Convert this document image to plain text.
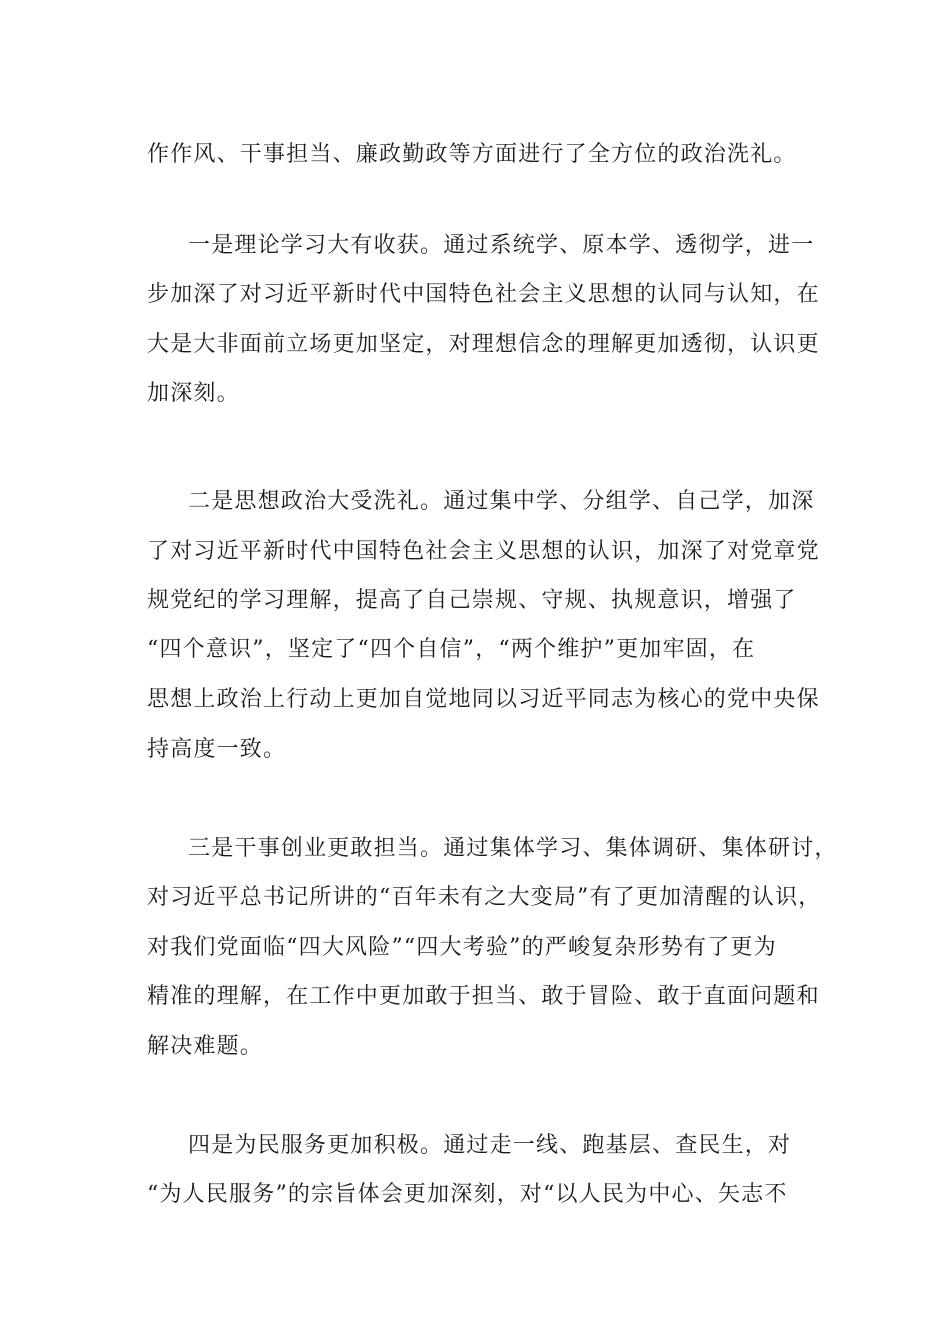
作作风、干事担当、廉政勤政等方面进行了全方位的政治洗礼。
一是理论学习大有收获。通过系统学、原本学、透彻学，进一
步加深了对习近平新时代中国特色社会主义思想的认同与认知，在
大是大非面前立场更加坚定，对理想信念的理解更加透彻，认识更
加深刻。
二是思想政治大受洗礼。通过集中学、分组学、自己学，加深
了对习近平新时代中国特色社会主义思想的认识，加深了对党章党
规党纪的学习理解，提高了自己崇规、守规、执规意识，增强了
“四个意识”，坚定了“四个自信”，“两个维护”更加牢固，在
思想上政治上行动上更加自觉地同以习近平同志为核心的党中央保
持高度一致。
三是干事创业更敢担当。通过集体学习、集体调研、集体研讨，
对习近平总书记所讲的“百年未有之大变局”有了更加清醒的认识，
对我们党面临“四大风险”“四大考验”的严峻复杂形势有了更为
精准的理解，在工作中更加敢于担当、敢于冒险、敢于直面问题和
解决难题。
四是为民服务更加积极。通过走一线、跑基层、查民生，对
“为人民服务”的宗旨体会更加深刻，对“以人民为中心、矢志不
